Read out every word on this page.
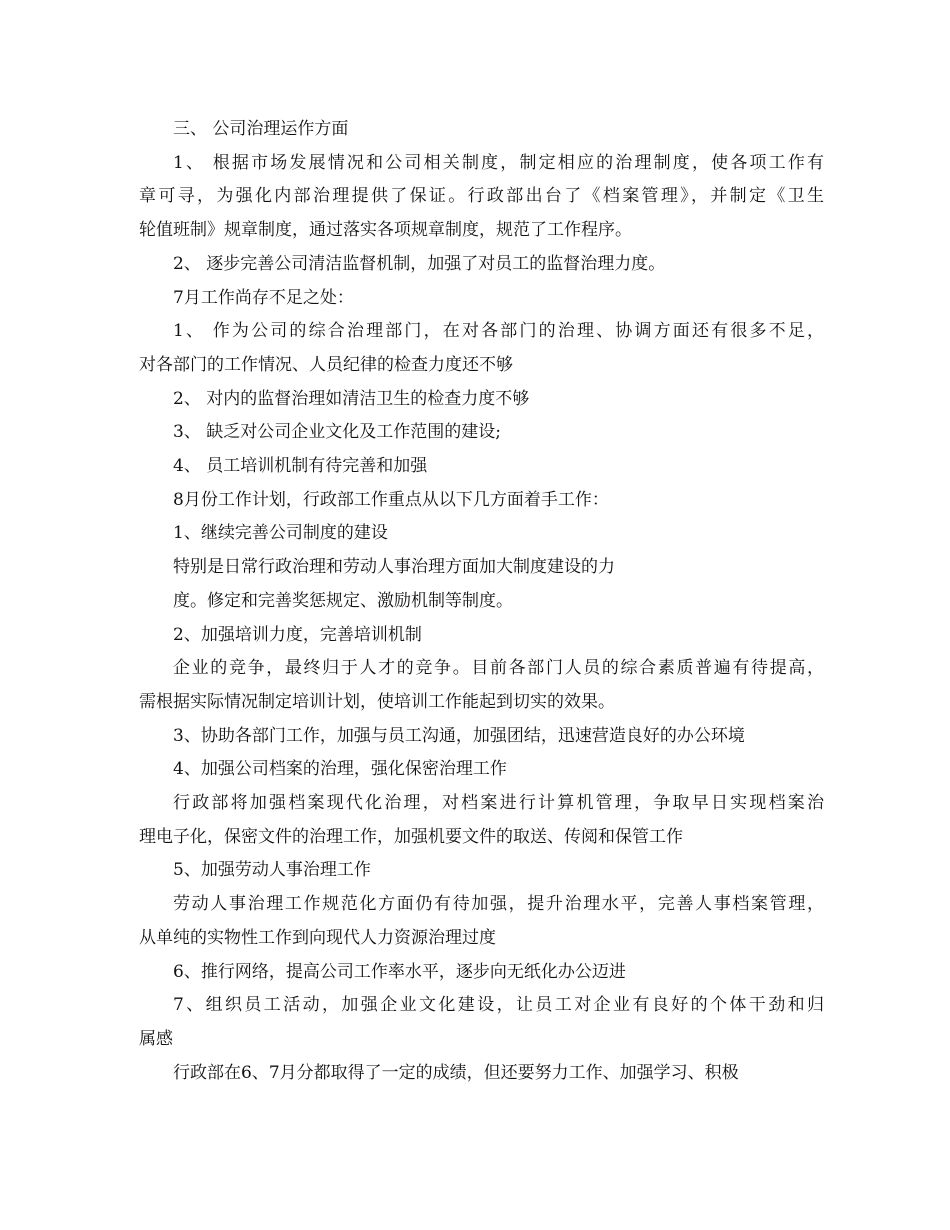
三、 公司治理运作方面
1、 根据市场发展情况和公司相关制度，制定相应的治理制度，使各项工作有
章可寻，为强化内部治理提供了保证。行政部出台了《档案管理》，并制定《卫生
轮值班制》规章制度，通过落实各项规章制度，规范了工作程序。
2、 逐步完善公司清洁监督机制，加强了对员工的监督治理力度。
7月工作尚存不足之处：
1、 作为公司的综合治理部门，在对各部门的治理、协调方面还有很多不足，
对各部门的工作情况、人员纪律的检查力度还不够
2、 对内的监督治理如清洁卫生的检查力度不够
3、 缺乏对公司企业文化及工作范围的建设;
4、 员工培训机制有待完善和加强
8月份工作计划，行政部工作重点从以下几方面着手工作：
1、继续完善公司制度的建设
特别是日常行政治理和劳动人事治理方面加大制度建设的力
度。修定和完善奖惩规定、激励机制等制度。
2、加强培训力度，完善培训机制
企业的竞争，最终归于人才的竞争。目前各部门人员的综合素质普遍有待提高，
需根据实际情况制定培训计划，使培训工作能起到切实的效果。
3、协助各部门工作，加强与员工沟通，加强团结，迅速营造良好的办公环境
4、加强公司档案的治理，强化保密治理工作
行政部将加强档案现代化治理，对档案进行计算机管理，争取早日实现档案治
理电子化，保密文件的治理工作，加强机要文件的取送、传阅和保管工作
5、加强劳动人事治理工作
劳动人事治理工作规范化方面仍有待加强，提升治理水平，完善人事档案管理，
从单纯的实物性工作到向现代人力资源治理过度
6、推行网络，提高公司工作率水平，逐步向无纸化办公迈进
7、组织员工活动，加强企业文化建设，让员工对企业有良好的个体干劲和归
属感
行政部在6、7月分都取得了一定的成绩，但还要努力工作、加强学习、积极
